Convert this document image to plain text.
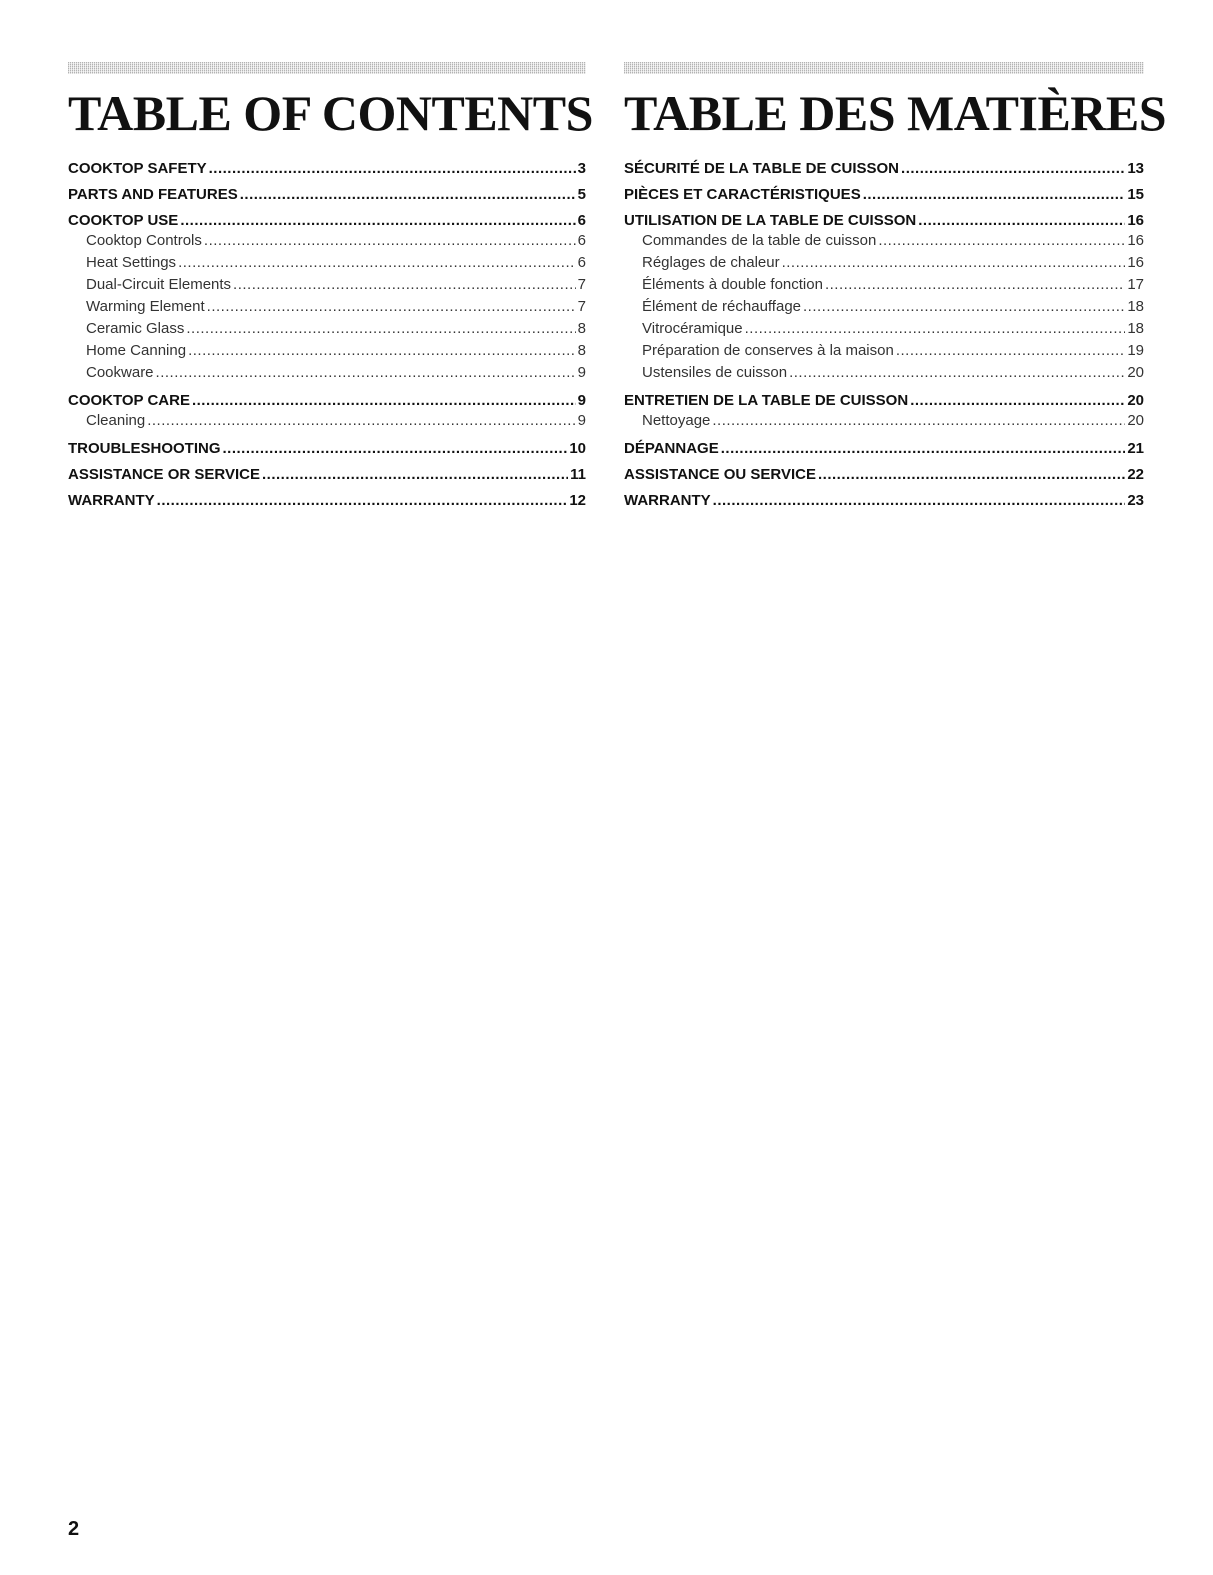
TABLE OF CONTENTS
COOKTOP SAFETY .....	3
PARTS AND FEATURES .....	5
COOKTOP USE .....	6
Cooktop Controls .....	6
Heat Settings .....	6
Dual-Circuit Elements .....	7
Warming Element .....	7
Ceramic Glass .....	8
Home Canning .....	8
Cookware .....	9
COOKTOP CARE .....	9
Cleaning .....	9
TROUBLESHOOTING .....	10
ASSISTANCE OR SERVICE .....	11
WARRANTY .....	12
TABLE DES MATIÈRES
SÉCURITÉ DE LA TABLE DE CUISSON .....	13
PIÈCES ET CARACTÉRISTIQUES .....	15
UTILISATION DE LA TABLE DE CUISSON .....	16
Commandes de la table de cuisson .....	16
Réglages de chaleur .....	16
Éléments à double fonction .....	17
Élément de réchauffage .....	18
Vitrocéramique .....	18
Préparation de conserves à la maison .....	19
Ustensiles de cuisson .....	20
ENTRETIEN DE LA TABLE DE CUISSON .....	20
Nettoyage .....	20
DÉPANNAGE .....	21
ASSISTANCE OU SERVICE .....	22
WARRANTY .....	23
2
